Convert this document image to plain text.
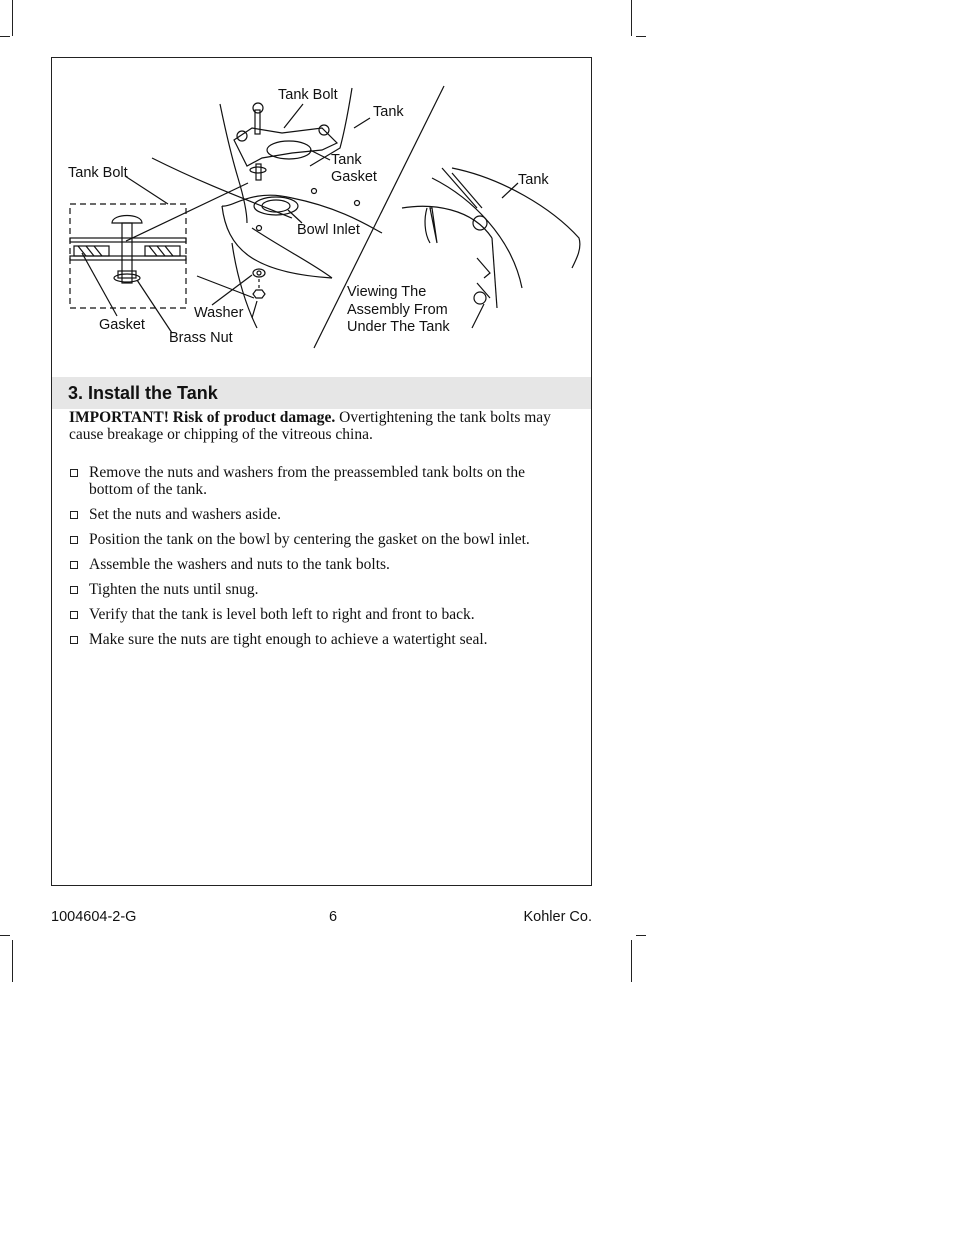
Tank Bolt
Tank
Tank
Gasket
Tank Bolt	Tank
Bowl Inlet
Viewing The
Assembly From
Under The Tank
Washer
Gasket
Brass Nut
3. Install the Tank
IMPORTANT! Risk of product damage. Overtightening the tank bolts may cause breakage or chipping of the vitreous china.
Remove the nuts and washers from the preassembled tank bolts on the bottom of the tank.
Set the nuts and washers aside.
Position the tank on the bowl by centering the gasket on the bowl inlet.
Assemble the washers and nuts to the tank bolts.
Tighten the nuts until snug.
Verify that the tank is level both left to right and front to back.
Make sure the nuts are tight enough to achieve a watertight seal.
1004604-2-G	6	Kohler Co.
